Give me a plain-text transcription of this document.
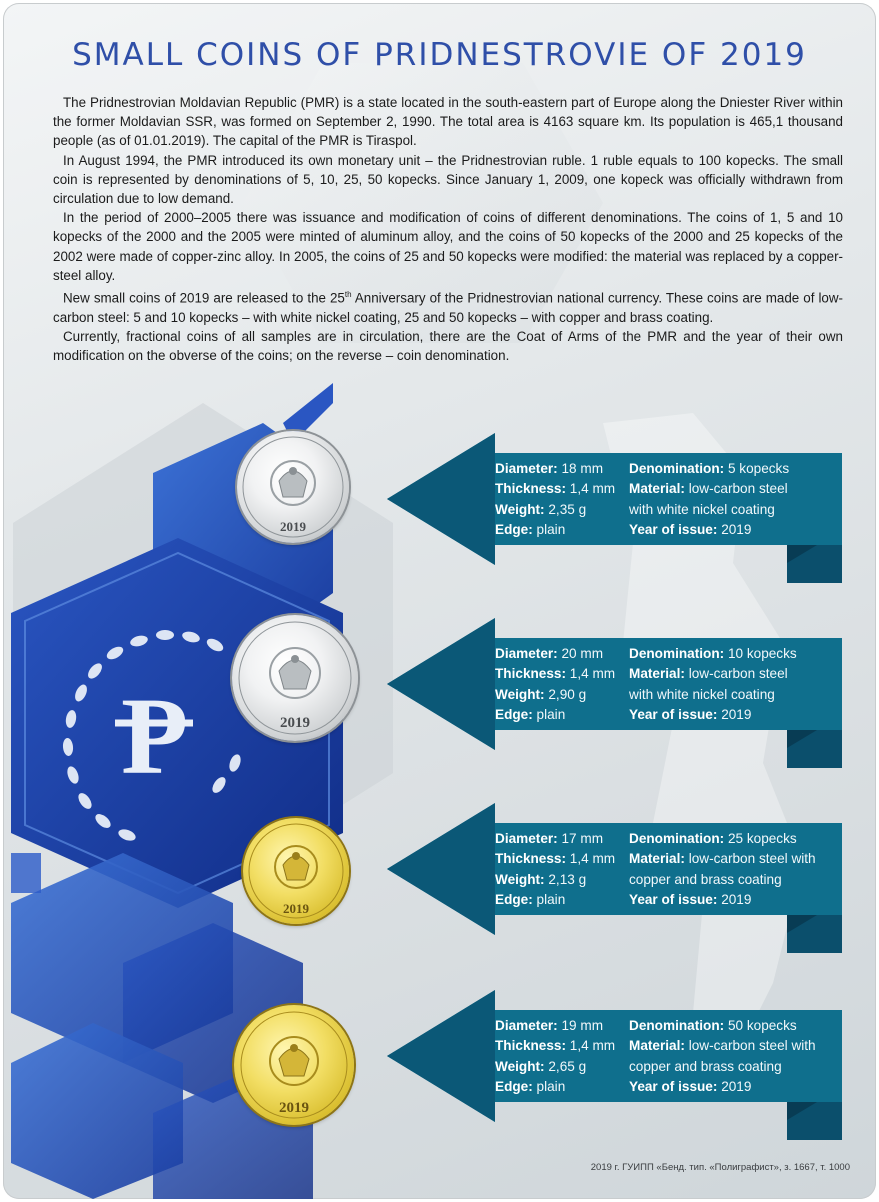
P
SMALL COINS OF PRIDNESTROVIE OF 2019

The Pridnestrovian Moldavian Republic (PMR) is a state located in the south-eastern part of Europe along the Dniester River within the former Moldavian SSR, was formed on September 2, 1990. The total area is 4163 square km. Its population is 465,1 thousand people (as of 01.01.2019). The capital of the PMR is Tiraspol.

In August 1994, the PMR introduced its own monetary unit – the Pridnestrovian ruble. 1 ruble equals to 100 kopecks. The small coin is represented by denominations of 5, 10, 25, 50 kopecks. Since January 1, 2009, one kopeck was officially withdrawn from circulation due to low demand.

In the period of 2000–2005 there was issuance and modification of coins of different denominations. The coins of 1, 5 and 10 kopecks of the 2000 and the 2005 were minted of aluminum alloy, and the coins of 50 kopecks of the 2000 and 25 kopecks of the 2002 were made of copper-zinc alloy. In 2005, the coins of 25 and 50 kopecks were modified: the material was replaced by a copper-steel alloy.

New small coins of 2019 are released to the 25th Anniversary of the Pridnestrovian national currency. These coins are made of low-carbon steel: 5 and 10 kopecks – with white nickel coating, 25 and 50 kopecks – with copper and brass coating.

Currently, fractional coins of all samples are in circulation, there are the Coat of Arms of the PMR and the year of their own modification on the obverse of the coins; on the reverse – coin denomination.

2019
2019
2019
2019
Diameter: 18 mm
Thickness: 1,4 mm
Weight: 2,35 g
Edge: plain
Denomination: 5 kopecks
Material: low-carbon steel
with white nickel coating
Year of issue: 2019
Diameter: 20 mm
Thickness: 1,4 mm
Weight: 2,90 g
Edge: plain
Denomination: 10 kopecks
Material: low-carbon steel
with white nickel coating
Year of issue: 2019
Diameter: 17 mm
Thickness: 1,4 mm
Weight: 2,13 g
Edge: plain
Denomination: 25 kopecks
Material: low-carbon steel with
copper and brass coating
Year of issue: 2019
Diameter: 19 mm
Thickness: 1,4 mm
Weight: 2,65 g
Edge: plain
Denomination: 50 kopecks
Material: low-carbon steel with
copper and brass coating
Year of issue: 2019
2019 г. ГУИПП «Бенд. тип. «Полиграфист», з. 1667, т. 1000
